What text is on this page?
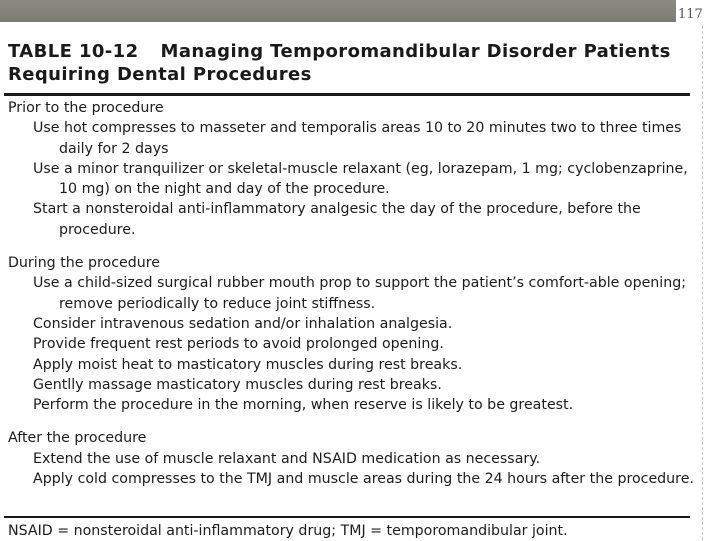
117
TABLE 10-12 Managing Temporomandibular Disorder Patients
Requiring Dental Procedures
Prior to the procedure
Use hot compresses to masseter and temporalis areas 10 to 20 minutes two to three times daily for 2 days
Use a minor tranquilizer or skeletal-muscle relaxant (eg, lorazepam, 1 mg; cyclobenzaprine, 10 mg) on the night and day of the procedure.
Start a nonsteroidal anti-inflammatory analgesic the day of the procedure, before the procedure.
During the procedure
Use a child-sized surgical rubber mouth prop to support the patient’s comfort-able opening; remove periodically to reduce joint stiffness.
Consider intravenous sedation and/or inhalation analgesia.
Provide frequent rest periods to avoid prolonged opening.
Apply moist heat to masticatory muscles during rest breaks.
Gentlly massage masticatory muscles during rest breaks.
Perform the procedure in the morning, when reserve is likely to be greatest.
After the procedure
Extend the use of muscle relaxant and NSAID medication as necessary.
Apply cold compresses to the TMJ and muscle areas during the 24 hours after the procedure.
NSAID = nonsteroidal anti-inflammatory drug; TMJ = temporomandibular joint.
